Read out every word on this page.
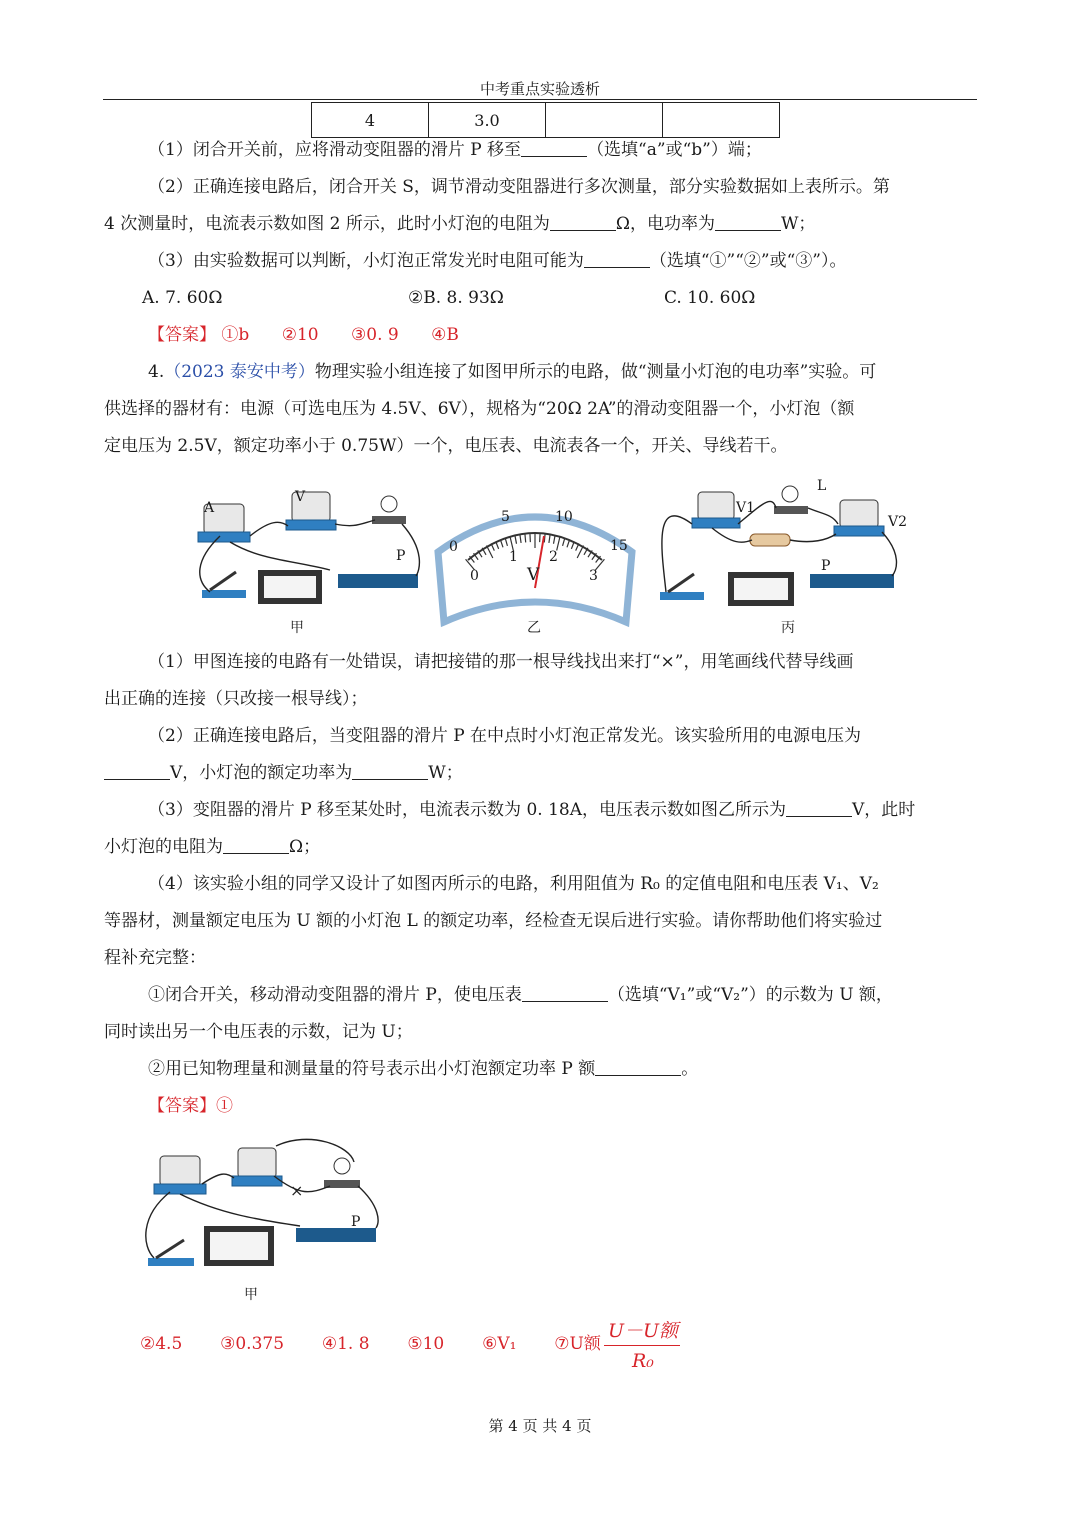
中考重点实验透析
4	3.0		
（1）闭合开关前，应将滑动变阻器的滑片 P 移至	（选填“a”或“b”）端；
（2）正确连接电路后，闭合开关 S，调节滑动变阻器进行多次测量，部分实验数据如上表所示。第
4 次测量时，电流表示数如图 2 所示，此时小灯泡的电阻为	Ω，电功率为	W；
（3）由实验数据可以判断，小灯泡正常发光时电阻可能为	（选填“①”“②”或“③”）。
A. 7. 60Ω	②B. 8. 93Ω	C. 10. 60Ω
【答案】 ①b ②10 ③0. 9 ④B
4.（2023 泰安中考）物理实验小组连接了如图甲所示的电路，做“测量小灯泡的电功率”实验。可
供选择的器材有：电源（可选电压为 4.5V、6V），规格为“20Ω 2A”的滑动变阻器一个，小灯泡（额
定电压为 2.5V，额定功率小于 0.75W）一个，电压表、电流表各一个，开关、导线若干。
A
V
P
甲
0
5	10
15
0
1 2
3
V
乙
V1
L
V2
P
丙
（1）甲图连接的电路有一处错误，请把接错的那一根导线找出来打“×”，用笔画线代替导线画
出正确的连接（只改接一根导线）；
（2）正确连接电路后，当变阻器的滑片 P 在中点时小灯泡正常发光。该实验所用的电源电压为
V，小灯泡的额定功率为	W；
（3）变阻器的滑片 P 移至某处时，电流表示数为 0. 18A，电压表示数如图乙所示为	V，此时
小灯泡的电阻为	Ω；
（4）该实验小组的同学又设计了如图丙所示的电路，利用阻值为 R₀ 的定值电阻和电压表 V₁、V₂
等器材，测量额定电压为 U 额的小灯泡 L 的额定功率，经检查无误后进行实验。请你帮助他们将实验过
程补充完整：
①闭合开关，移动滑动变阻器的滑片 P，使电压表	（选填“V₁”或“V₂”）的示数为 U 额，
同时读出另一个电压表的示数，记为 U；
②用已知物理量和测量量的符号表示出小灯泡额定功率 P 额	。
【答案】①
×
P
甲
②4.5 ③0.375 ④1. 8 ⑤10 ⑥V₁ ⑦U额
U－U额
R₀
第 4 页 共 4 页
